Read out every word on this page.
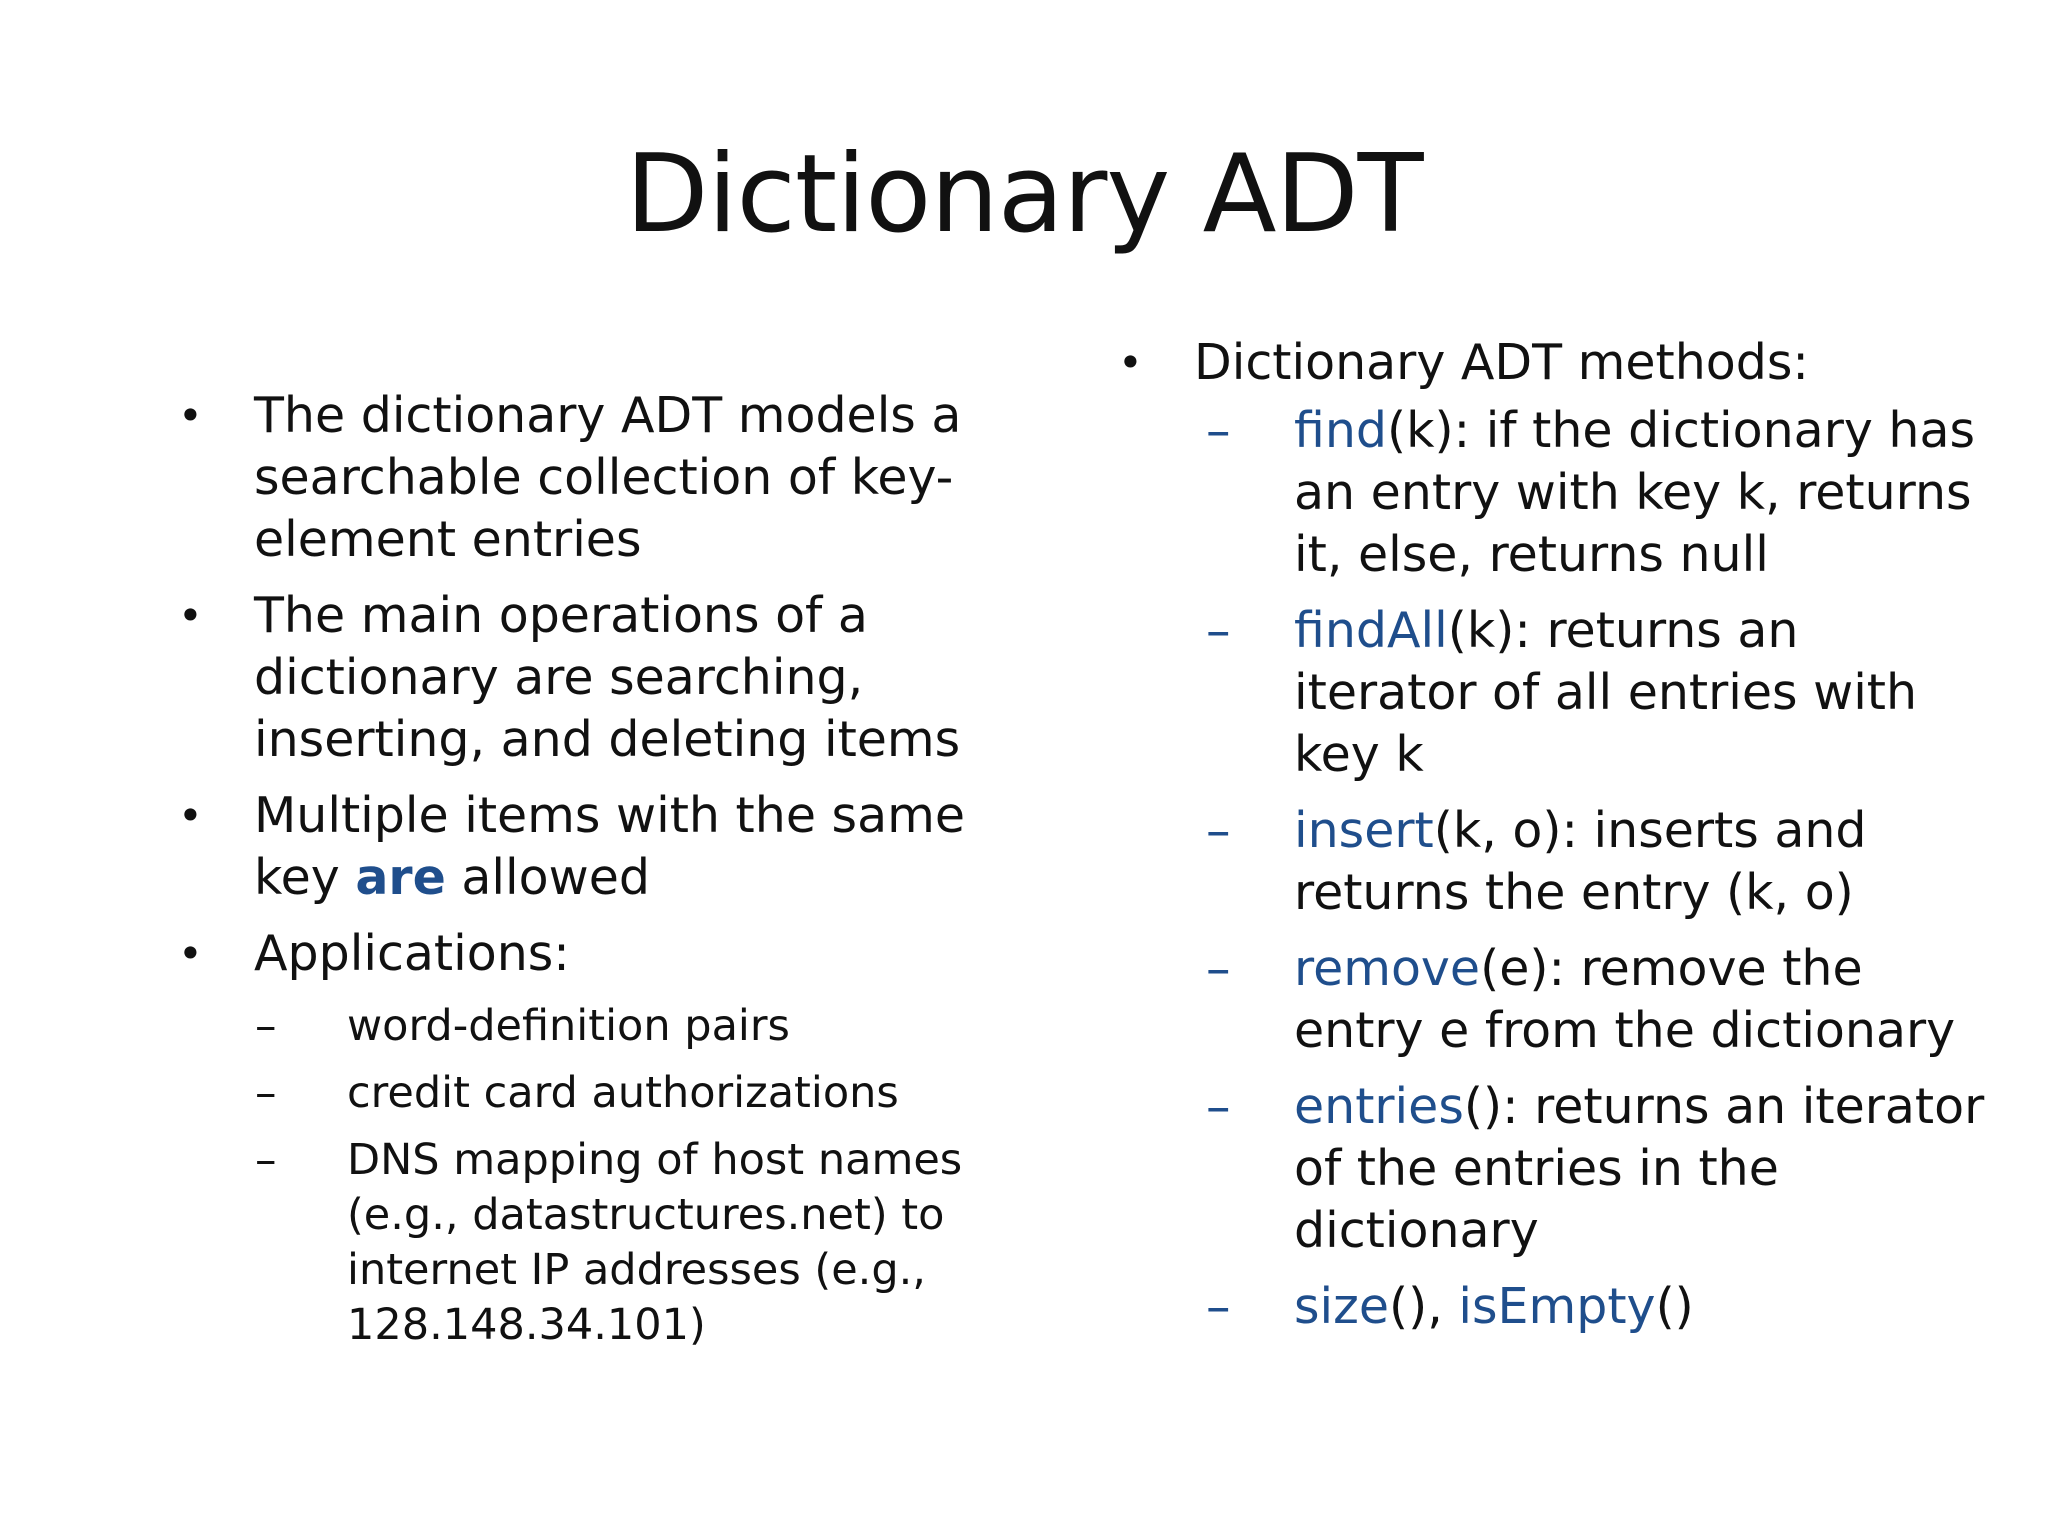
Dictionary ADT
• The dictionary ADT models a searchable collection of key-element entries
• The main operations of a dictionary are searching, inserting, and deleting items
• Multiple items with the same key are allowed
• Applications:
– word-definition pairs
– credit card authorizations
– DNS mapping of host names (e.g., datastructures.net) to internet IP addresses (e.g., 128.148.34.101)
• Dictionary ADT methods:
– find(k): if the dictionary has an entry with key k, returns it, else, returns null
– findAll(k): returns an iterator of all entries with key k
– insert(k, o): inserts and returns the entry (k, o)
– remove(e): remove the entry e from the dictionary
– entries(): returns an iterator of the entries in the dictionary
– size(), isEmpty()
